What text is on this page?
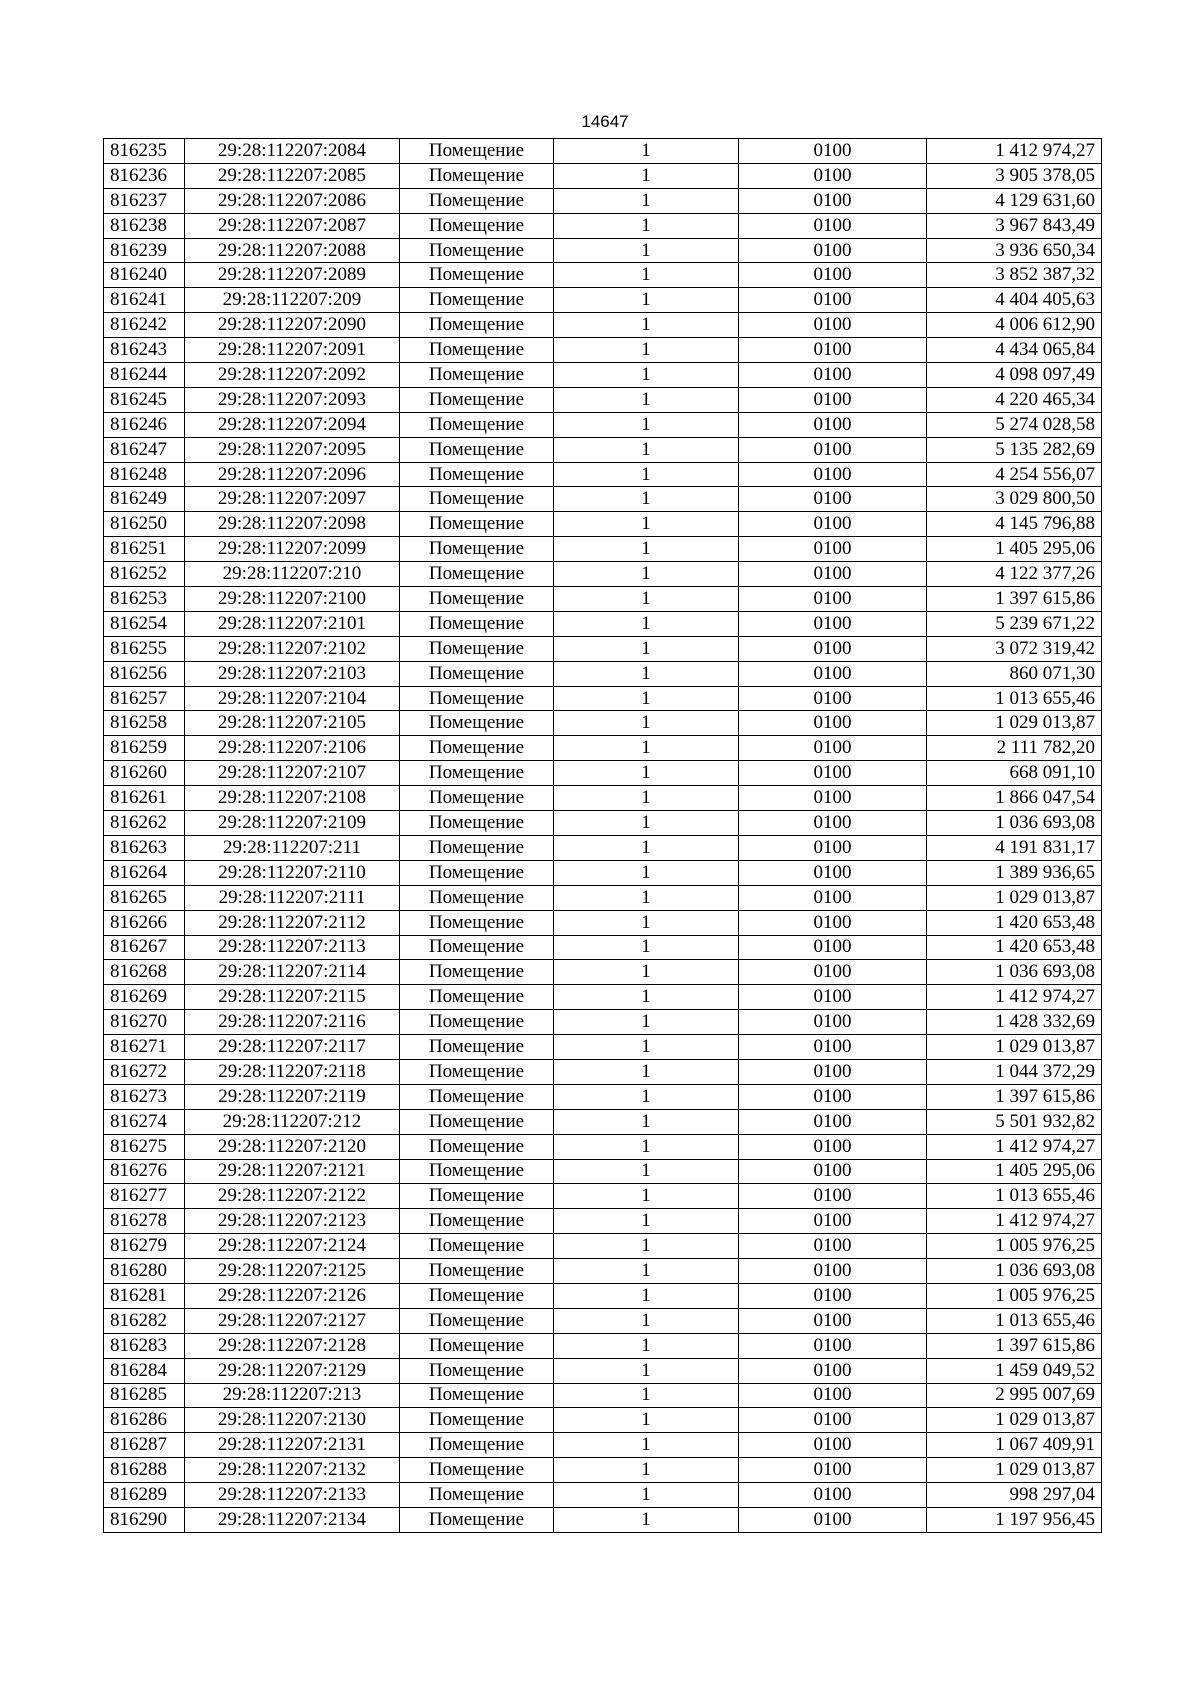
14647
816235	29:28:112207:2084	Помещение	1	0100	1 412 974,27
816236	29:28:112207:2085	Помещение	1	0100	3 905 378,05
816237	29:28:112207:2086	Помещение	1	0100	4 129 631,60
816238	29:28:112207:2087	Помещение	1	0100	3 967 843,49
816239	29:28:112207:2088	Помещение	1	0100	3 936 650,34
816240	29:28:112207:2089	Помещение	1	0100	3 852 387,32
816241	29:28:112207:209	Помещение	1	0100	4 404 405,63
816242	29:28:112207:2090	Помещение	1	0100	4 006 612,90
816243	29:28:112207:2091	Помещение	1	0100	4 434 065,84
816244	29:28:112207:2092	Помещение	1	0100	4 098 097,49
816245	29:28:112207:2093	Помещение	1	0100	4 220 465,34
816246	29:28:112207:2094	Помещение	1	0100	5 274 028,58
816247	29:28:112207:2095	Помещение	1	0100	5 135 282,69
816248	29:28:112207:2096	Помещение	1	0100	4 254 556,07
816249	29:28:112207:2097	Помещение	1	0100	3 029 800,50
816250	29:28:112207:2098	Помещение	1	0100	4 145 796,88
816251	29:28:112207:2099	Помещение	1	0100	1 405 295,06
816252	29:28:112207:210	Помещение	1	0100	4 122 377,26
816253	29:28:112207:2100	Помещение	1	0100	1 397 615,86
816254	29:28:112207:2101	Помещение	1	0100	5 239 671,22
816255	29:28:112207:2102	Помещение	1	0100	3 072 319,42
816256	29:28:112207:2103	Помещение	1	0100	860 071,30
816257	29:28:112207:2104	Помещение	1	0100	1 013 655,46
816258	29:28:112207:2105	Помещение	1	0100	1 029 013,87
816259	29:28:112207:2106	Помещение	1	0100	2 111 782,20
816260	29:28:112207:2107	Помещение	1	0100	668 091,10
816261	29:28:112207:2108	Помещение	1	0100	1 866 047,54
816262	29:28:112207:2109	Помещение	1	0100	1 036 693,08
816263	29:28:112207:211	Помещение	1	0100	4 191 831,17
816264	29:28:112207:2110	Помещение	1	0100	1 389 936,65
816265	29:28:112207:2111	Помещение	1	0100	1 029 013,87
816266	29:28:112207:2112	Помещение	1	0100	1 420 653,48
816267	29:28:112207:2113	Помещение	1	0100	1 420 653,48
816268	29:28:112207:2114	Помещение	1	0100	1 036 693,08
816269	29:28:112207:2115	Помещение	1	0100	1 412 974,27
816270	29:28:112207:2116	Помещение	1	0100	1 428 332,69
816271	29:28:112207:2117	Помещение	1	0100	1 029 013,87
816272	29:28:112207:2118	Помещение	1	0100	1 044 372,29
816273	29:28:112207:2119	Помещение	1	0100	1 397 615,86
816274	29:28:112207:212	Помещение	1	0100	5 501 932,82
816275	29:28:112207:2120	Помещение	1	0100	1 412 974,27
816276	29:28:112207:2121	Помещение	1	0100	1 405 295,06
816277	29:28:112207:2122	Помещение	1	0100	1 013 655,46
816278	29:28:112207:2123	Помещение	1	0100	1 412 974,27
816279	29:28:112207:2124	Помещение	1	0100	1 005 976,25
816280	29:28:112207:2125	Помещение	1	0100	1 036 693,08
816281	29:28:112207:2126	Помещение	1	0100	1 005 976,25
816282	29:28:112207:2127	Помещение	1	0100	1 013 655,46
816283	29:28:112207:2128	Помещение	1	0100	1 397 615,86
816284	29:28:112207:2129	Помещение	1	0100	1 459 049,52
816285	29:28:112207:213	Помещение	1	0100	2 995 007,69
816286	29:28:112207:2130	Помещение	1	0100	1 029 013,87
816287	29:28:112207:2131	Помещение	1	0100	1 067 409,91
816288	29:28:112207:2132	Помещение	1	0100	1 029 013,87
816289	29:28:112207:2133	Помещение	1	0100	998 297,04
816290	29:28:112207:2134	Помещение	1	0100	1 197 956,45
